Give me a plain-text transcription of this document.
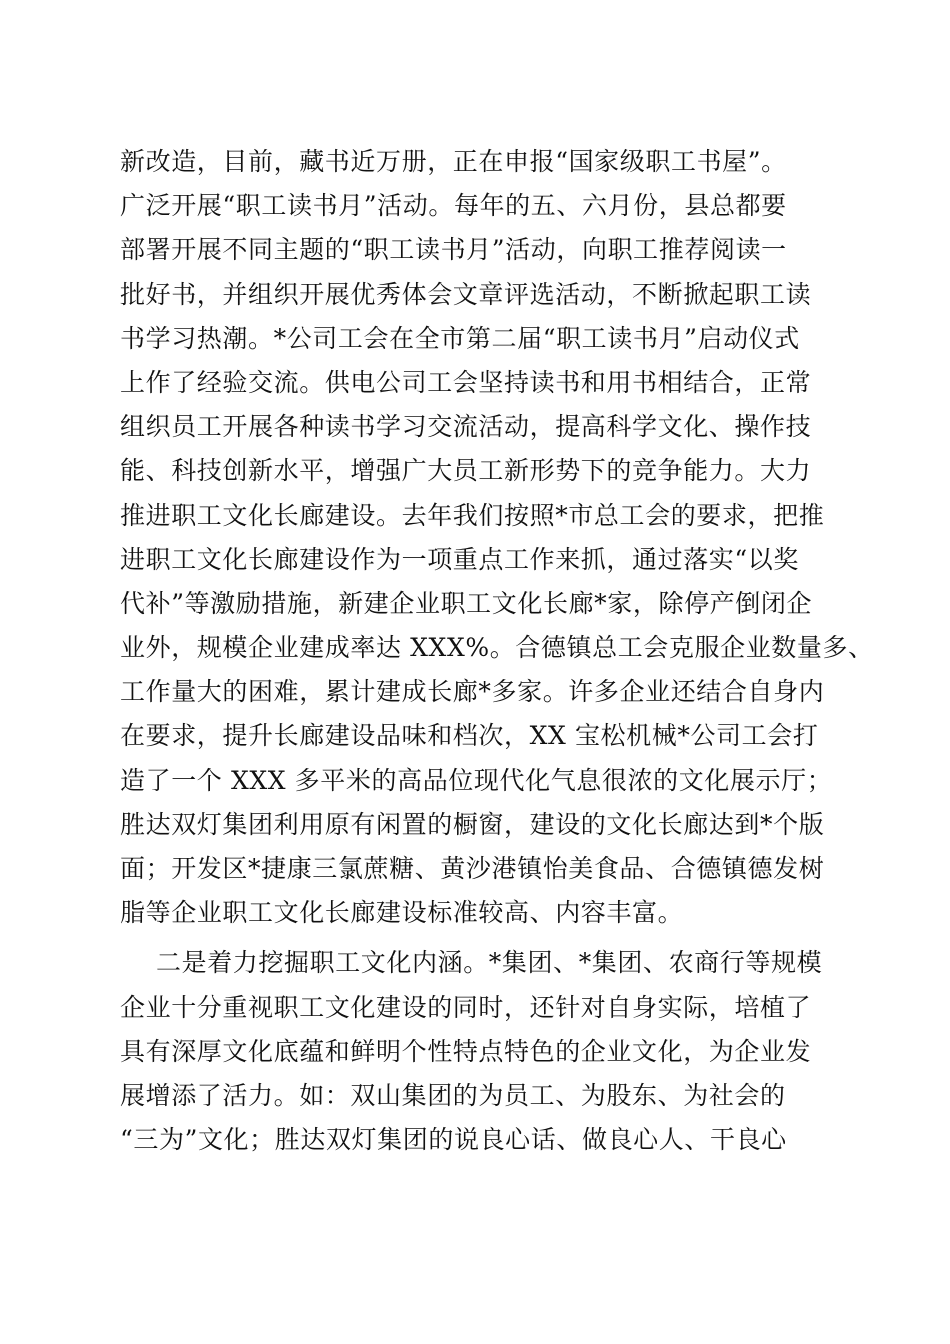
新改造，目前，藏书近万册，正在申报“国家级职工书屋”。
广泛开展“职工读书月”活动。每年的五、六月份，县总都要
部署开展不同主题的“职工读书月”活动，向职工推荐阅读一
批好书，并组织开展优秀体会文章评选活动，不断掀起职工读
书学习热潮。*公司工会在全市第二届“职工读书月”启动仪式
上作了经验交流。供电公司工会坚持读书和用书相结合，正常
组织员工开展各种读书学习交流活动，提高科学文化、操作技
能、科技创新水平，增强广大员工新形势下的竞争能力。大力
推进职工文化长廊建设。去年我们按照*市总工会的要求，把推
进职工文化长廊建设作为一项重点工作来抓，通过落实“以奖
代补”等激励措施，新建企业职工文化长廊*家，除停产倒闭企
业外，规模企业建成率达 XXX%。合德镇总工会克服企业数量多、
工作量大的困难，累计建成长廊*多家。许多企业还结合自身内
在要求，提升长廊建设品味和档次，XX 宝松机械*公司工会打
造了一个 XXX 多平米的高品位现代化气息很浓的文化展示厅；
胜达双灯集团利用原有闲置的橱窗，建设的文化长廊达到*个版
面；开发区*捷康三氯蔗糖、黄沙港镇怡美食品、合德镇德发树
脂等企业职工文化长廊建设标准较高、内容丰富。
二是着力挖掘职工文化内涵。*集团、*集团、农商行等规模
企业十分重视职工文化建设的同时，还针对自身实际，培植了
具有深厚文化底蕴和鲜明个性特点特色的企业文化，为企业发
展增添了活力。如：双山集团的为员工、为股东、为社会的
“三为”文化；胜达双灯集团的说良心话、做良心人、干良心
